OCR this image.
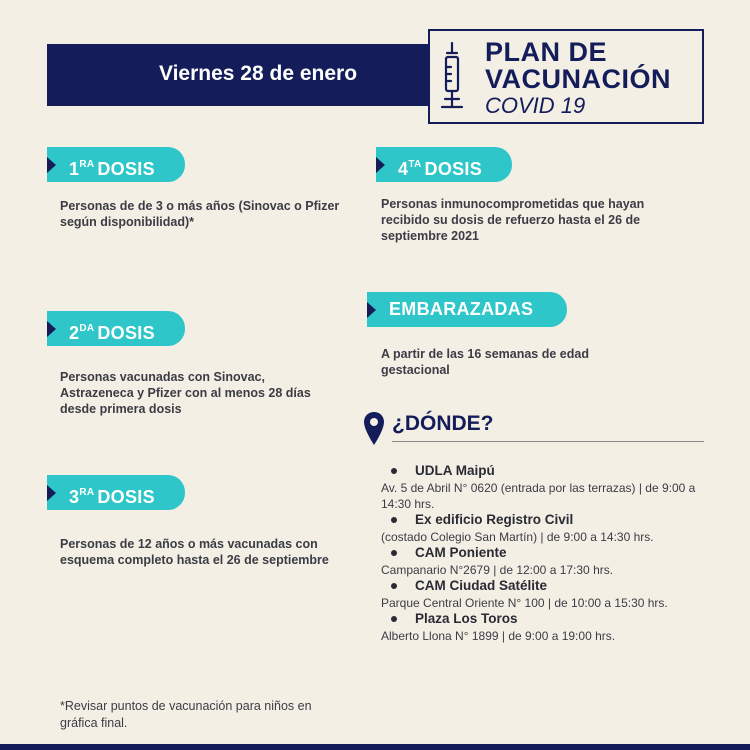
Viernes 28 de enero
PLAN DE
VACUNACIÓN
COVID 19
$1^{RA}$ DOSIS
Personas de de 3 o más años (Sinovac o Pfizer según disponibilidad)*
$2^{DA}$ DOSIS
Personas vacunadas con Sinovac, Astrazeneca y Pfizer con al menos 28 días desde primera dosis
$3^{RA}$ DOSIS
Personas de 12 años o más vacunadas con esquema completo hasta el 26 de septiembre
$4^{TA}$ DOSIS
Personas inmunocomprometidas que hayan recibido su dosis de refuerzo hasta el 26 de septiembre 2021
EMBARAZADAS
A partir de las 16 semanas de edad gestacional
¿DÓNDE?
UDLA Maipú
Av. 5 de Abril N° 0620 (entrada por las terrazas) | de 9:00 a 14:30 hrs.
Ex edificio Registro Civil
(costado Colegio San Martín) | de 9:00 a 14:30 hrs.
CAM Poniente
Campanario N°2679 | de 12:00 a 17:30 hrs.
CAM Ciudad Satélite
Parque Central Oriente N° 100 | de 10:00 a 15:30 hrs.
Plaza Los Toros
Alberto Llona N° 1899 | de 9:00 a 19:00 hrs.
*Revisar puntos de vacunación para niños en gráfica final.
